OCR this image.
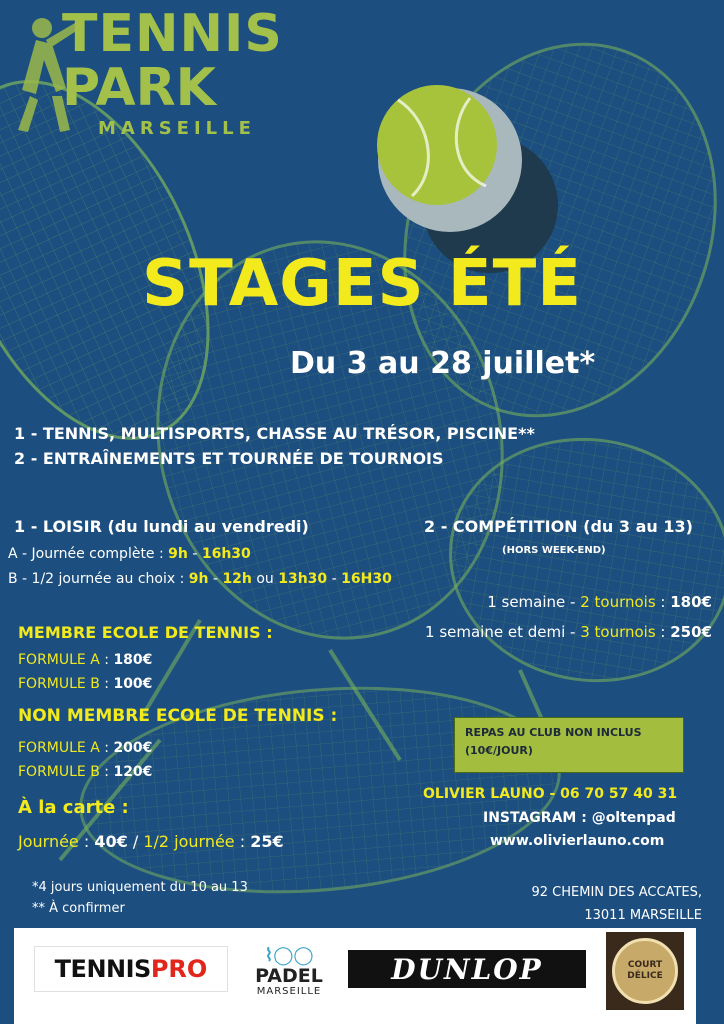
TENNIS
PARK
MARSEILLE
STAGES ÉTÉ
Du 3 au 28 juillet*
1 - TENNIS, MULTISPORTS, CHASSE AU TRÉSOR, PISCINE**
2 - ENTRAÎNEMENTS ET TOURNÉE DE TOURNOIS
1 - LOISIR (du lundi au vendredi)
A - Journée complète : 9h - 16h30
B - 1/2 journée au choix : 9h - 12h ou 13h30 - 16H30
2 - COMPÉTITION (du 3 au 13)
(HORS WEEK-END)
1 semaine - 2 tournois : 180€
1 semaine et demi - 3 tournois : 250€
MEMBRE ECOLE DE TENNIS :
FORMULE A : 180€
FORMULE B : 100€
NON MEMBRE ECOLE DE TENNIS :
FORMULE A : 200€
FORMULE B : 120€
À la carte :
Journée : 40€ / 1/2 journée : 25€
*4 jours uniquement du 10 au 13
** À confirmer
REPAS AU CLUB NON INCLUS
(10€/JOUR)
OLIVIER LAUNO - 06 70 57 40 31
INSTAGRAM : @oltenpad
www.olivierlauno.com
92 CHEMIN DES ACCATES,
13011 MARSEILLE
TENNIS PRO	⌇◯◯
PADEL
MARSEILLE
DUNLOP	COURT
DÉLICE
